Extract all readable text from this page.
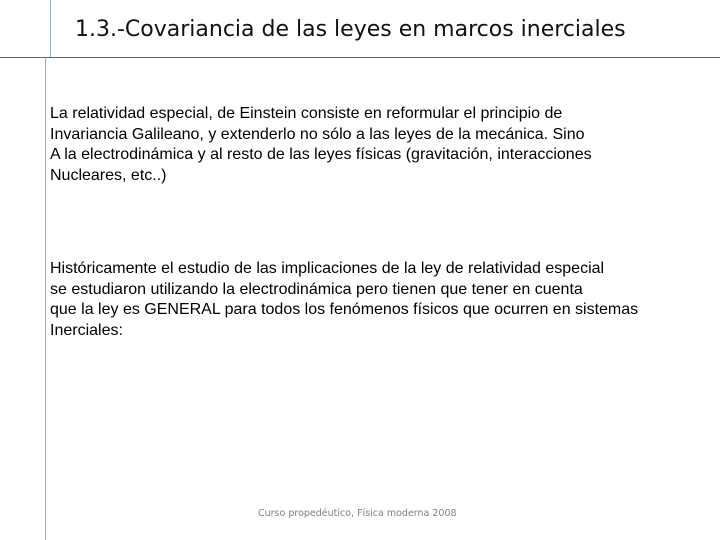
1.3.-Covariancia de las leyes en marcos inerciales

La relatividad especial, de Einstein consiste en reformular el principio de
Invariancia Galileano, y extenderlo no sólo a las leyes de la mecánica. Sino
A la electrodinámica y al resto de las leyes físicas (gravitación, interacciones
Nucleares, etc..)

Históricamente el estudio de las implicaciones de la ley de relatividad especial
se estudiaron utilizando la electrodinámica pero tienen que tener en cuenta
que la ley es GENERAL para todos los fenómenos físicos que ocurren en sistemas
Inerciales:

Curso propedéutico, Física moderna 2008
